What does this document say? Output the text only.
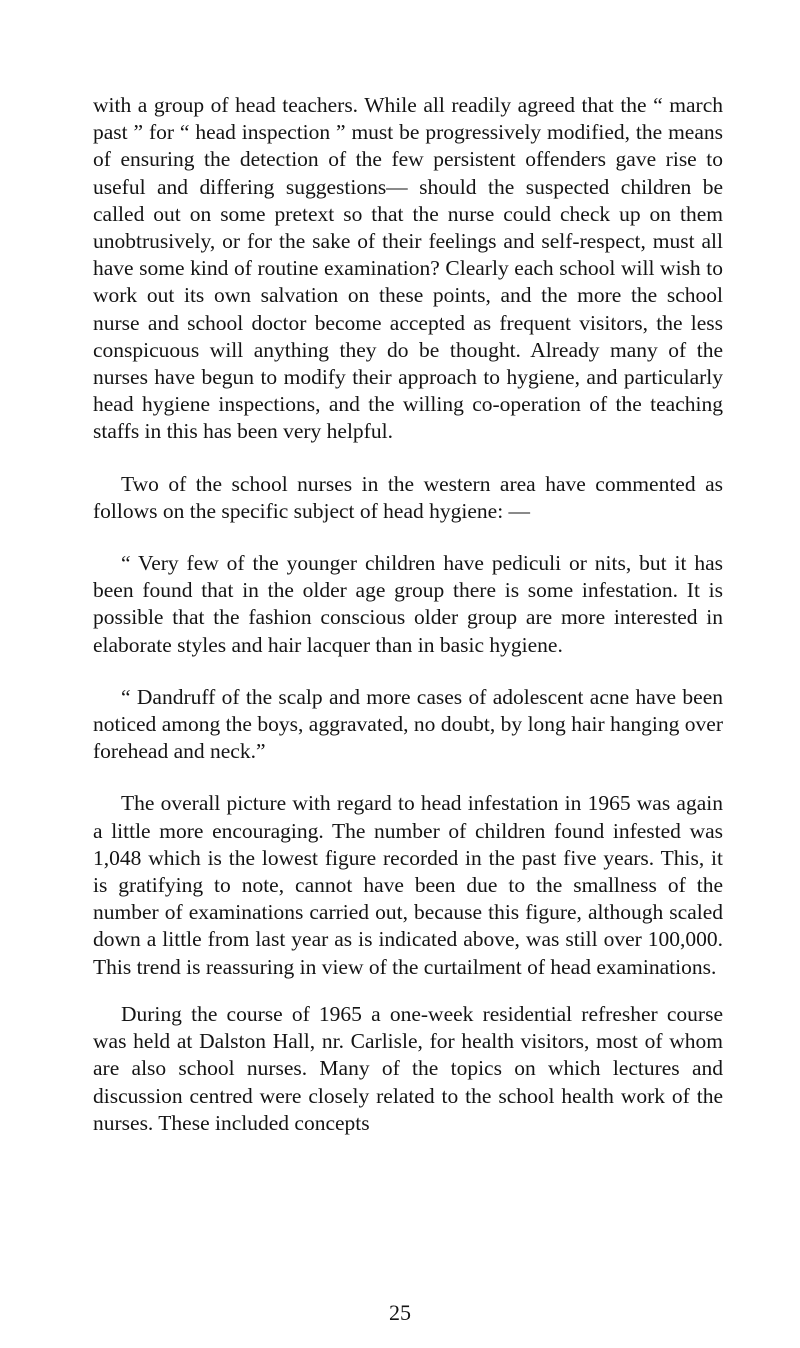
with a group of head teachers. While all readily agreed that the “ march past ” for “ head inspection ” must be progressively modified, the means of ensuring the detection of the few persistent offenders gave rise to useful and differing suggestions— should the suspected children be called out on some pretext so that the nurse could check up on them unobtrusively, or for the sake of their feelings and self-respect, must all have some kind of routine examination? Clearly each school will wish to work out its own salvation on these points, and the more the school nurse and school doctor become accepted as frequent visitors, the less conspicuous will anything they do be thought. Already many of the nurses have begun to modify their approach to hygiene, and particularly head hygiene inspections, and the willing co-operation of the teaching staffs in this has been very helpful.

Two of the school nurses in the western area have commented as follows on the specific subject of head hygiene: —

“ Very few of the younger children have pediculi or nits, but it has been found that in the older age group there is some infestation. It is possible that the fashion conscious older group are more interested in elaborate styles and hair lacquer than in basic hygiene.

“ Dandruff of the scalp and more cases of adolescent acne have been noticed among the boys, aggravated, no doubt, by long hair hanging over forehead and neck.”

The overall picture with regard to head infestation in 1965 was again a little more encouraging. The number of children found infested was 1,048 which is the lowest figure recorded in the past five years. This, it is gratifying to note, cannot have been due to the smallness of the number of examinations carried out, because this figure, although scaled down a little from last year as is indicated above, was still over 100,000. This trend is reassuring in view of the curtailment of head examinations.

During the course of 1965 a one-week residential refresher course was held at Dalston Hall, nr. Carlisle, for health visitors, most of whom are also school nurses. Many of the topics on which lectures and discussion centred were closely related to the school health work of the nurses. These included concepts

25
